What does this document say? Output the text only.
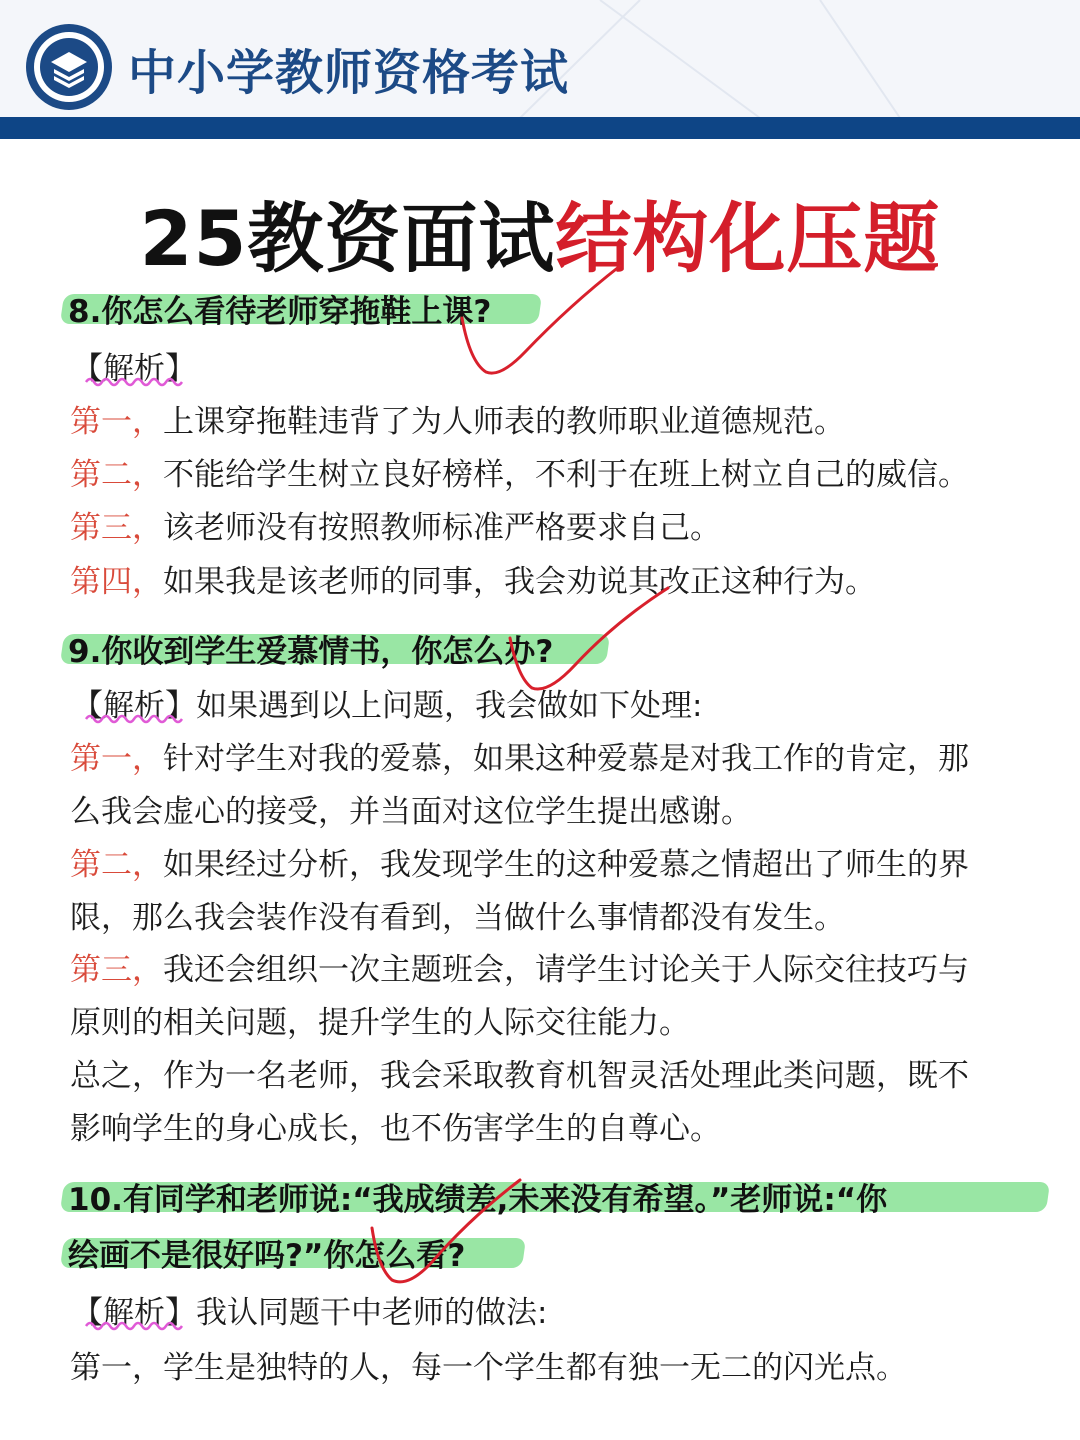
中小学教师资格考试
25教资面试结构化压题
8.你怎么看待老师穿拖鞋上课?
【解析】
第一，上课穿拖鞋违背了为人师表的教师职业道德规范。
第二，不能给学生树立良好榜样，不利于在班上树立自己的威信。
第三，该老师没有按照教师标准严格要求自己。
第四，如果我是该老师的同事，我会劝说其改正这种行为。
9.你收到学生爱慕情书，你怎么办?
【解析】如果遇到以上问题，我会做如下处理:
第一，针对学生对我的爱慕，如果这种爱慕是对我工作的肯定，那
么我会虚心的接受，并当面对这位学生提出感谢。
第二，如果经过分析，我发现学生的这种爱慕之情超出了师生的界
限，那么我会装作没有看到，当做什么事情都没有发生。
第三，我还会组织一次主题班会，请学生讨论关于人际交往技巧与
原则的相关问题，提升学生的人际交往能力。
总之，作为一名老师，我会采取教育机智灵活处理此类问题，既不
影响学生的身心成长，也不伤害学生的自尊心。
10.有同学和老师说:“我成绩差,未来没有希望。”老师说:“你
绘画不是很好吗?”你怎么看?
【解析】我认同题干中老师的做法:
第一，学生是独特的人，每一个学生都有独一无二的闪光点。
